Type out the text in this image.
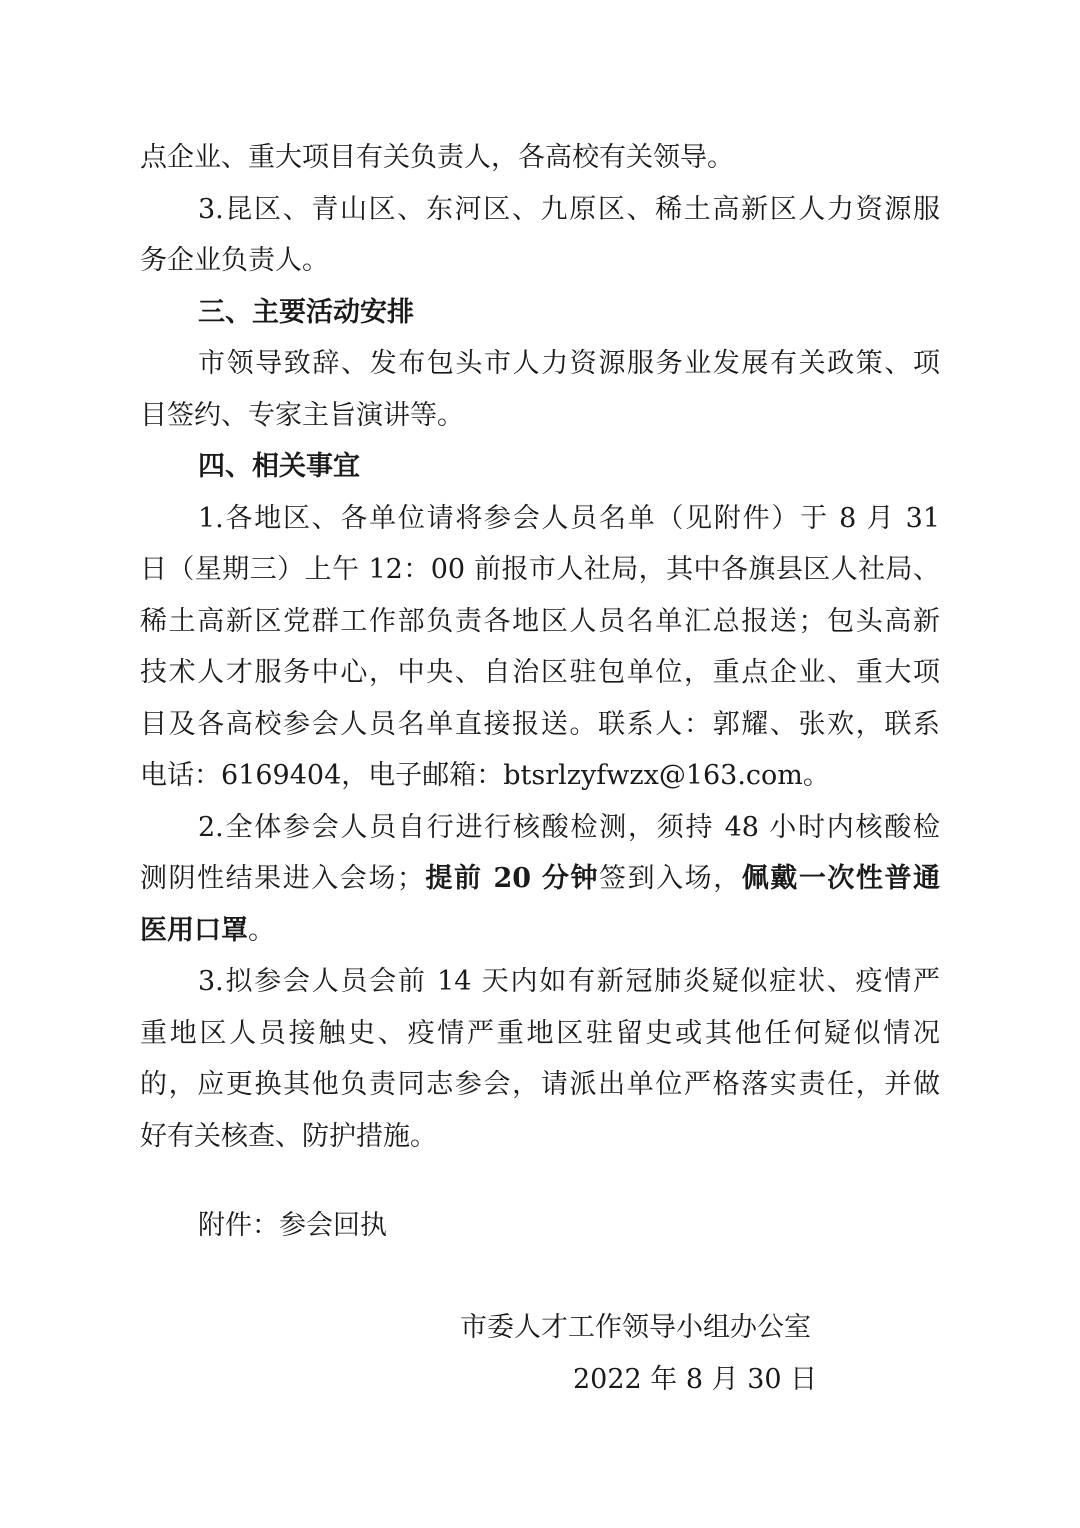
点企业、重大项目有关负责人，各高校有关领导。
3.昆区、青山区、东河区、九原区、稀土高新区人力资源服
务企业负责人。
三、主要活动安排
市领导致辞、发布包头市人力资源服务业发展有关政策、项
目签约、专家主旨演讲等。
四、相关事宜
1.各地区、各单位请将参会人员名单（见附件）于 8 月 31
日（星期三）上午 12：00 前报市人社局，其中各旗县区人社局、
稀土高新区党群工作部负责各地区人员名单汇总报送；包头高新
技术人才服务中心，中央、自治区驻包单位，重点企业、重大项
目及各高校参会人员名单直接报送。联系人：郭耀、张欢，联系
电话：6169404，电子邮箱：btsrlzyfwzx@163.com。
2.全体参会人员自行进行核酸检测，须持 48 小时内核酸检
测阴性结果进入会场；提前 20 分钟签到入场，佩戴一次性普通
医用口罩。
3.拟参会人员会前 14 天内如有新冠肺炎疑似症状、疫情严
重地区人员接触史、疫情严重地区驻留史或其他任何疑似情况
的，应更换其他负责同志参会，请派出单位严格落实责任，并做
好有关核查、防护措施。
附件：参会回执
市委人才工作领导小组办公室
2022 年 8 月 30 日
